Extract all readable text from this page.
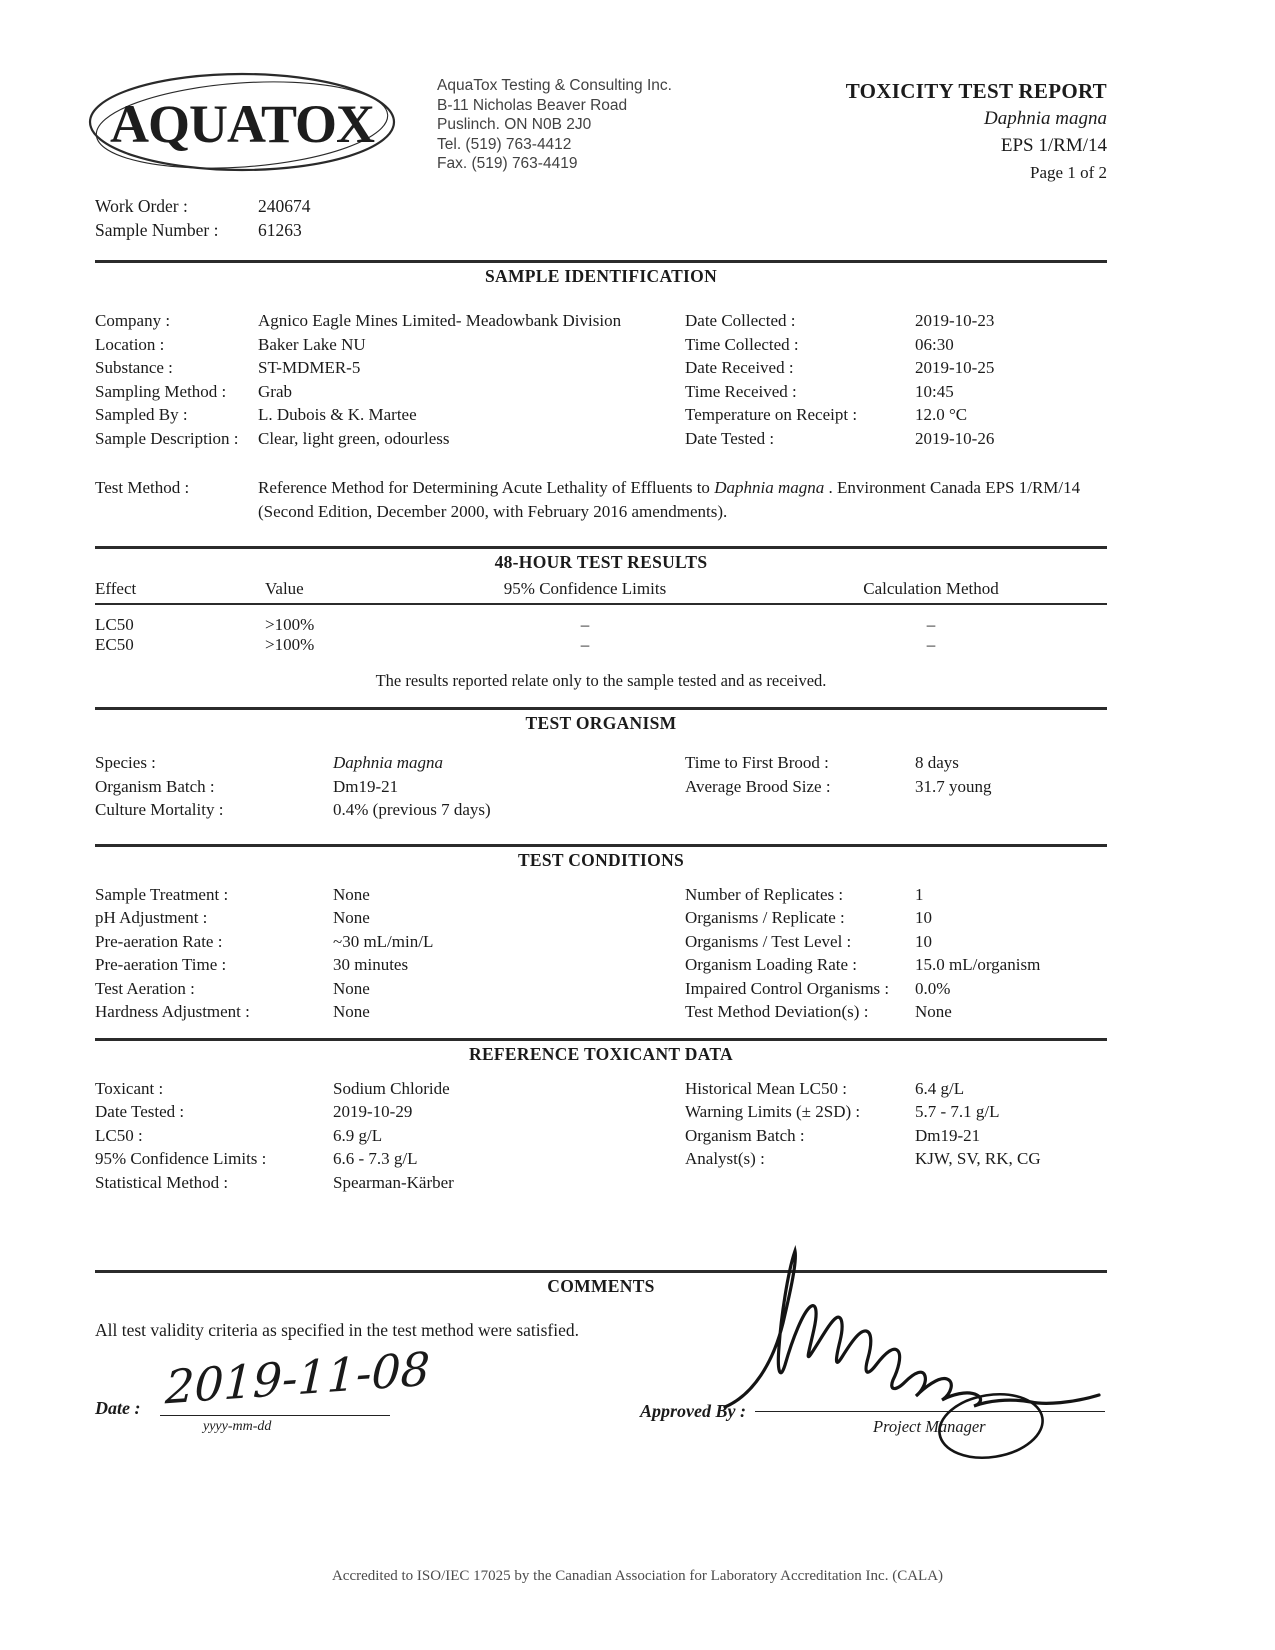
AQUATOX
AquaTox Testing & Consulting Inc.
B-11 Nicholas Beaver Road
Puslinch. ON N0B 2J0
Tel. (519) 763-4412
Fax. (519) 763-4419
TOXICITY TEST REPORT
Daphnia magna
EPS 1/RM/14
Page 1 of 2
Work Order :	240674
Sample Number :	61263
SAMPLE IDENTIFICATION
Company :	Agnico Eagle Mines Limited- Meadowbank Division
Location :	Baker Lake NU
Substance :	ST-MDMER-5
Sampling Method :	Grab
Sampled By :	L. Dubois & K. Martee
Sample Description :	Clear, light green, odourless
Date Collected :	2019-10-23
Time Collected :	06:30
Date Received :	2019-10-25
Time Received :	10:45
Temperature on Receipt :	12.0 °C
Date Tested :	2019-10-26
Test Method :	Reference Method for Determining Acute Lethality of Effluents to Daphnia magna . Environment Canada EPS 1/RM/14 (Second Edition, December 2000, with February 2016 amendments).
48-HOUR TEST RESULTS
Effect	Value	95% Confidence Limits	Calculation Method
LC50	>100%	–	–
EC50	>100%	–	–
The results reported relate only to the sample tested and as received.
TEST ORGANISM
Species :	Daphnia magna
Organism Batch :	Dm19-21
Culture Mortality :	0.4% (previous 7 days)
Time to First Brood :	8 days
Average Brood Size :	31.7 young
TEST CONDITIONS
Sample Treatment :	None
pH Adjustment :	None
Pre-aeration Rate :	~30 mL/min/L
Pre-aeration Time :	30 minutes
Test Aeration :	None
Hardness Adjustment :	None
Number of Replicates :	1
Organisms / Replicate :	10
Organisms / Test Level :	10
Organism Loading Rate :	15.0 mL/organism
Impaired Control Organisms :	0.0%
Test Method Deviation(s) :	None
REFERENCE TOXICANT DATA
Toxicant :	Sodium Chloride
Date Tested :	2019-10-29
LC50 :	6.9 g/L
95% Confidence Limits :	6.6 - 7.3 g/L
Statistical Method :	Spearman-Kärber
Historical Mean LC50 :	6.4 g/L
Warning Limits (± 2SD) :	5.7 - 7.1 g/L
Organism Batch :	Dm19-21
Analyst(s) :	KJW, SV, RK, CG
COMMENTS
All test validity criteria as specified in the test method were satisfied.
Date : 2019-11-08
yyyy-mm-dd
Approved By :
Project Manager
Accredited to ISO/IEC 17025 by the Canadian Association for Laboratory Accreditation Inc. (CALA)
